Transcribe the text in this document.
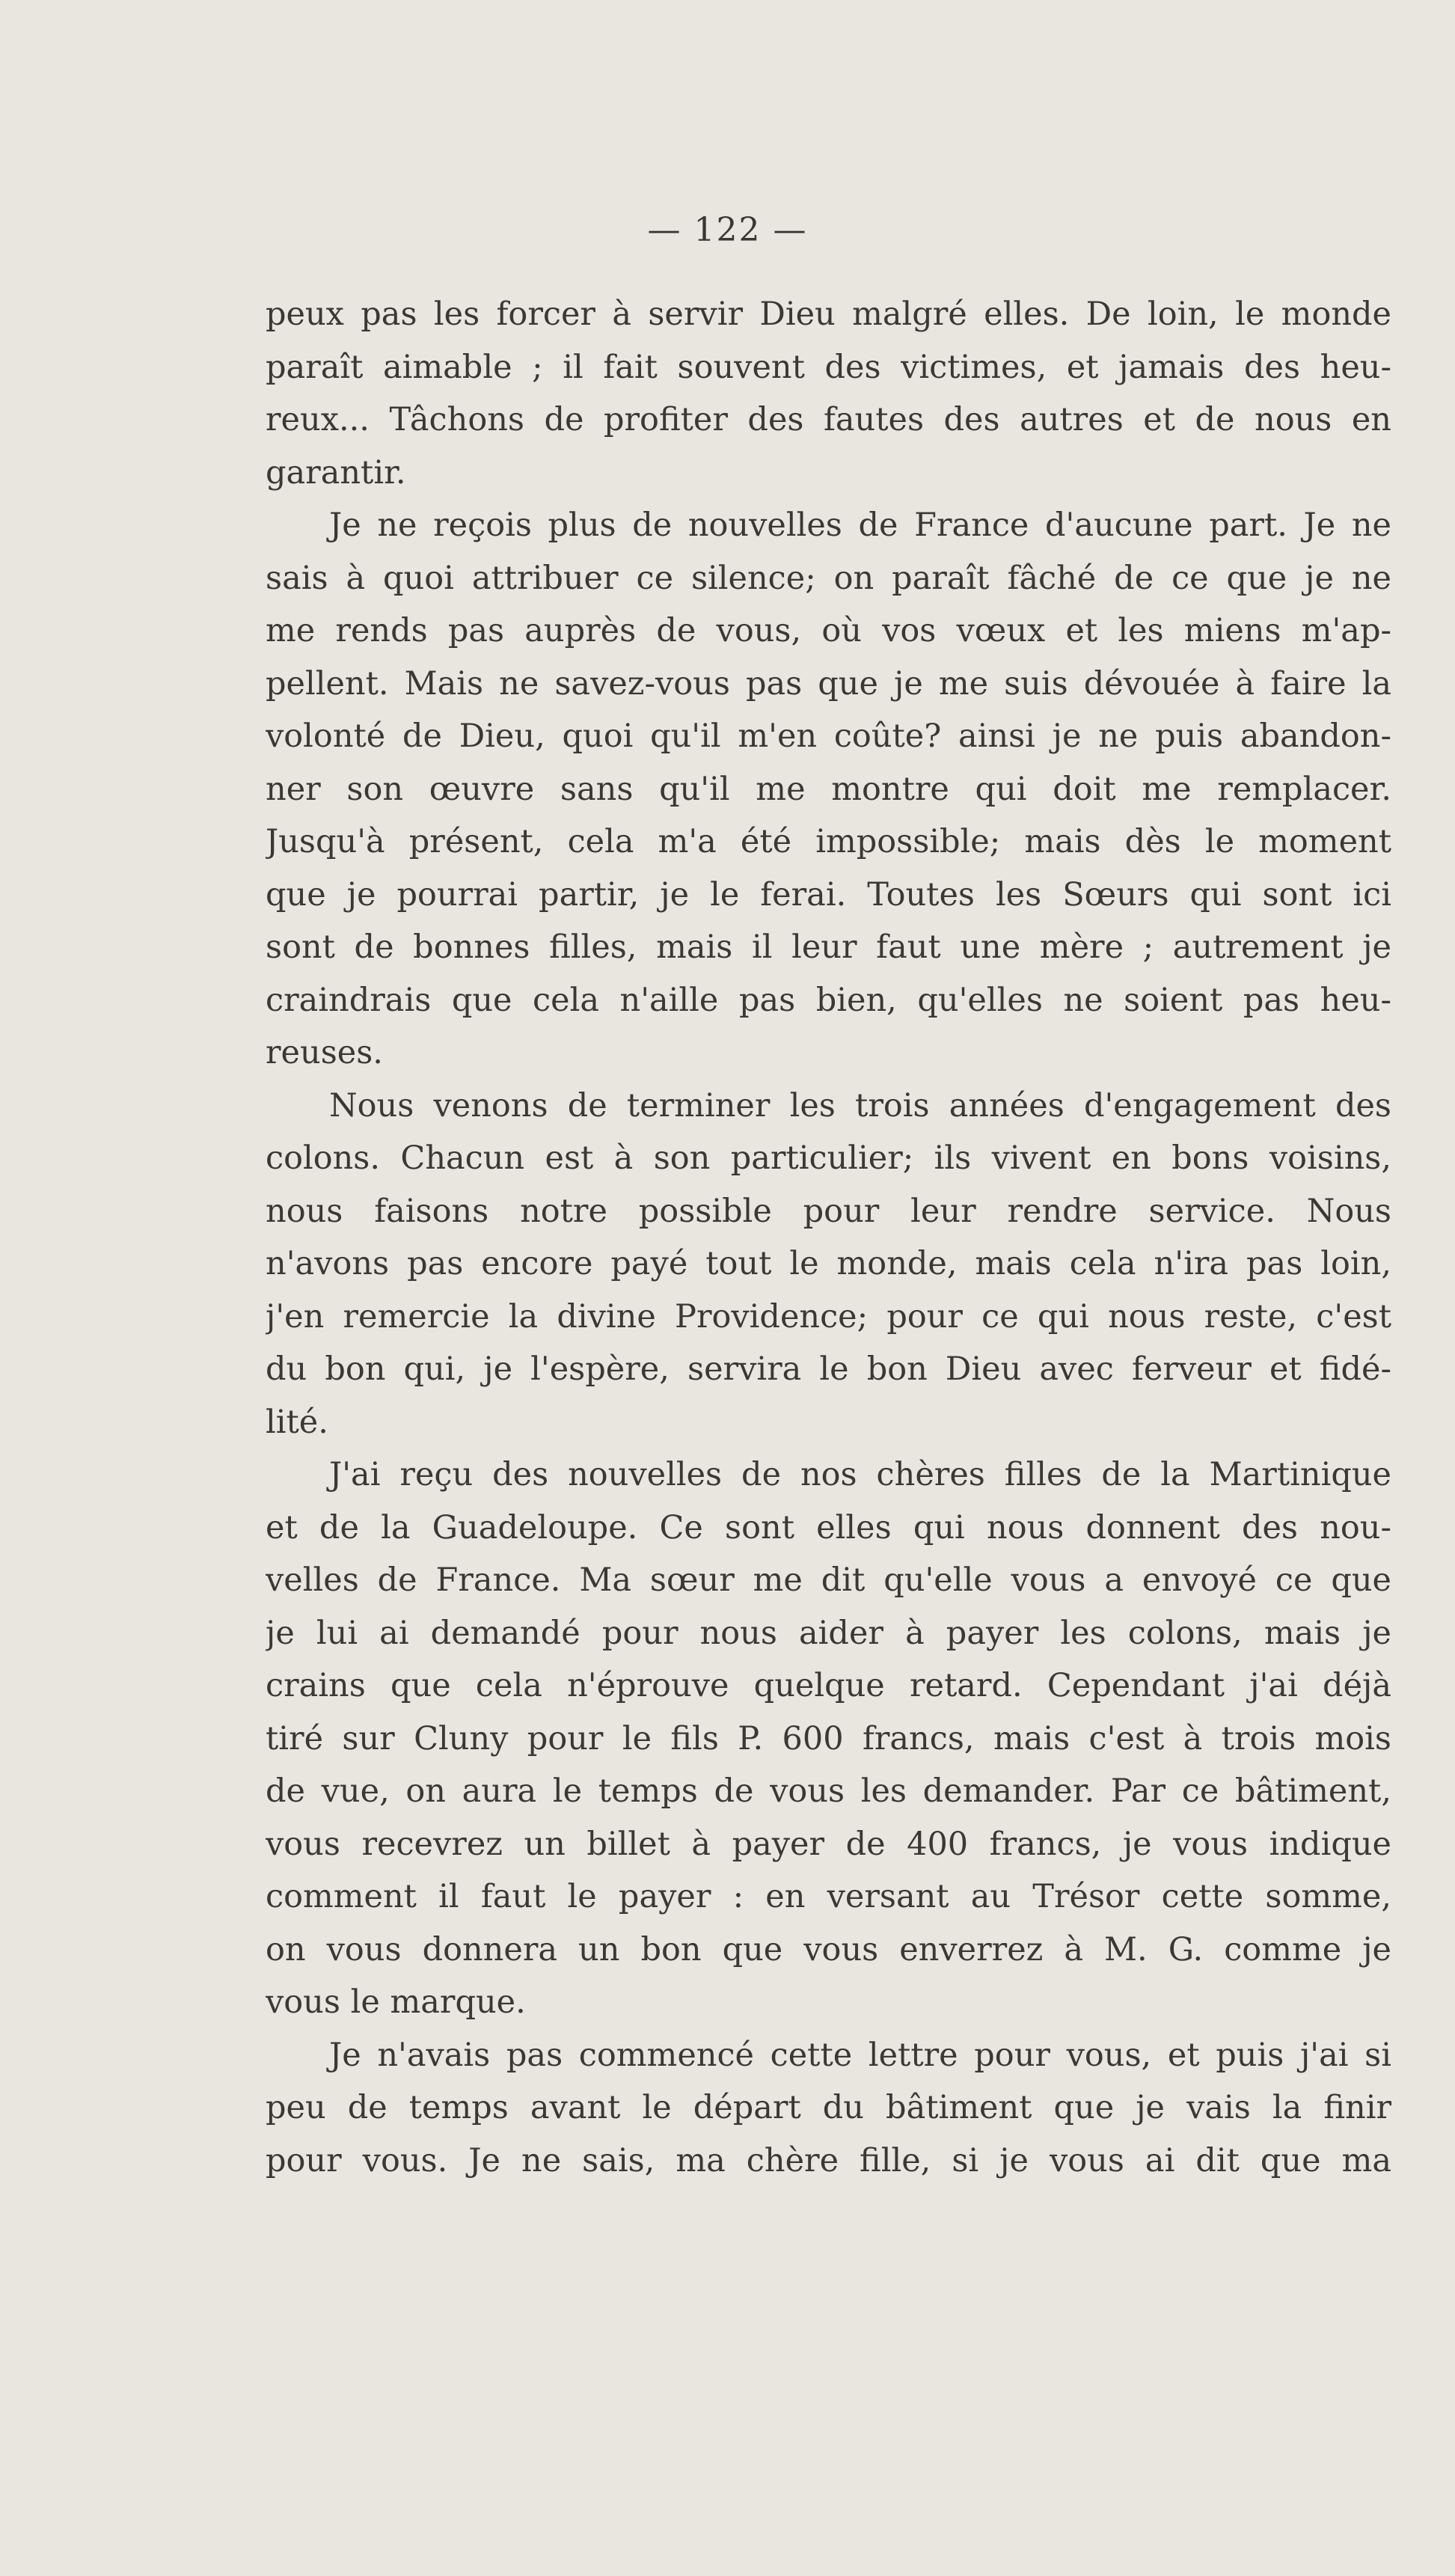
— 122 —
peux pas les forcer à servir Dieu malgré elles. De loin, le monde
paraît aimable ; il fait souvent des victimes, et jamais des heu-
reux... Tâchons de profiter des fautes des autres et de nous en
garantir.
Je ne reçois plus de nouvelles de France d'aucune part. Je ne
sais à quoi attribuer ce silence; on paraît fâché de ce que je ne
me rends pas auprès de vous, où vos vœux et les miens m'ap-
pellent. Mais ne savez-vous pas que je me suis dévouée à faire la
volonté de Dieu, quoi qu'il m'en coûte? ainsi je ne puis abandon-
ner son œuvre sans qu'il me montre qui doit me remplacer.
Jusqu'à présent, cela m'a été impossible; mais dès le moment
que je pourrai partir, je le ferai. Toutes les Sœurs qui sont ici
sont de bonnes filles, mais il leur faut une mère ; autrement je
craindrais que cela n'aille pas bien, qu'elles ne soient pas heu-
reuses.
Nous venons de terminer les trois années d'engagement des
colons. Chacun est à son particulier; ils vivent en bons voisins,
nous faisons notre possible pour leur rendre service. Nous
n'avons pas encore payé tout le monde, mais cela n'ira pas loin,
j'en remercie la divine Providence; pour ce qui nous reste, c'est
du bon qui, je l'espère, servira le bon Dieu avec ferveur et fidé-
lité.
J'ai reçu des nouvelles de nos chères filles de la Martinique
et de la Guadeloupe. Ce sont elles qui nous donnent des nou-
velles de France. Ma sœur me dit qu'elle vous a envoyé ce que
je lui ai demandé pour nous aider à payer les colons, mais je
crains que cela n'éprouve quelque retard. Cependant j'ai déjà
tiré sur Cluny pour le fils P. 600 francs, mais c'est à trois mois
de vue, on aura le temps de vous les demander. Par ce bâtiment,
vous recevrez un billet à payer de 400 francs, je vous indique
comment il faut le payer : en versant au Trésor cette somme,
on vous donnera un bon que vous enverrez à M. G. comme je
vous le marque.
Je n'avais pas commencé cette lettre pour vous, et puis j'ai si
peu de temps avant le départ du bâtiment que je vais la finir
pour vous. Je ne sais, ma chère fille, si je vous ai dit que ma
